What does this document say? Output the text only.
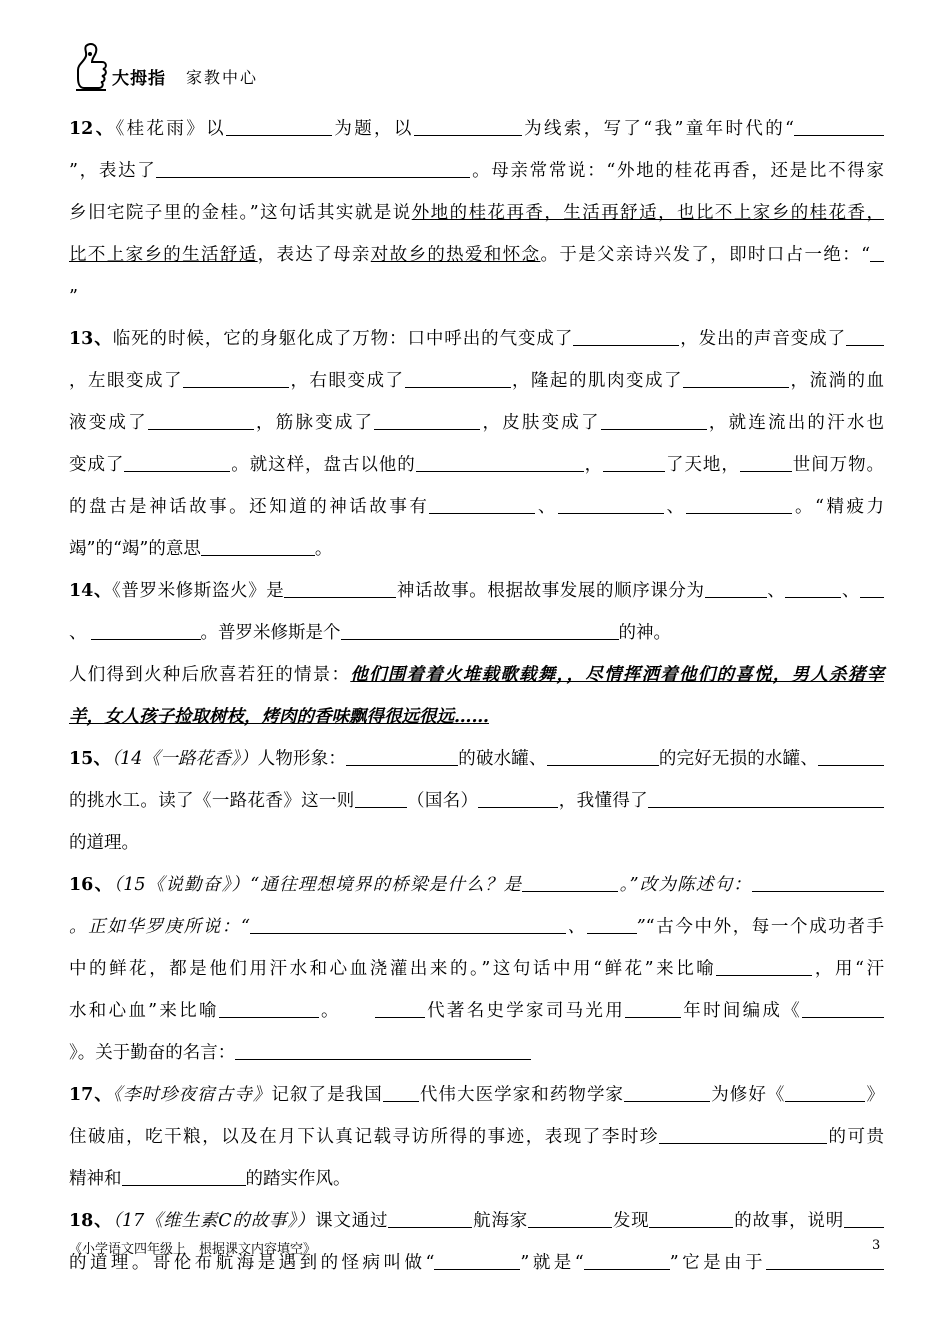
大拇指 家教中心
12、《桂花雨》以	为题，以	为线索，写了“我”童年时代的“
”，表达了	。母亲常常说：“外地的桂花再香，还是比不得家
乡旧宅院子里的金桂。”这句话其实就是说外地的桂花再香，生活再舒适，也比不上家乡的桂花香，
比不上家乡的生活舒适，表达了母亲对故乡的热爱和怀念。于是父亲诗兴发了，即时口占一绝：“
”
13、临死的时候，它的身躯化成了万物：口中呼出的气变成了	，发出的声音变成了
，左眼变成了	，右眼变成了	，隆起的肌肉变成了	，流淌的血
液变成了	，筋脉变成了	，皮肤变成了	，就连流出的汗水也
变成了	。就这样，盘古以他的	，	了天地，	世间万物。
的盘古是神话故事。还知道的神话故事有	、	、	。“精疲力
竭”的“竭”的意思	。
14、《普罗米修斯盗火》是	神话故事。根据故事发展的顺序课分为	、	、
、	。普罗米修斯是个	的神。
人们得到火种后欣喜若狂的情景：他们围着着火堆载歌载舞，，尽情挥洒着他们的喜悦，男人杀猪宰
羊，女人孩子捡取树枝，烤肉的香味飘得很远很远……
15、（14《一路花香》）人物形象：	的破水罐、	的完好无损的水罐、
的挑水工。读了《一路花香》这一则	（国名）	，我懂得了
的道理。
16、（15《说勤奋》）“通往理想境界的桥梁是什么？是	。”改为陈述句：
。正如华罗庚所说：“	、	”“古今中外，每一个成功者手
中的鲜花，都是他们用汗水和心血浇灌出来的。”这句话中用“鲜花”来比喻	，用“汗
水和心血”来比喻	。	代著名史学家司马光用	年时间编成《
》。关于勤奋的名言：
17、《李时珍夜宿古寺》记叙了是我国 代伟大医学家和药物学家	为修好《	》
住破庙，吃干粮，以及在月下认真记载寻访所得的事迹，表现了李时珍	的可贵
精神和	的踏实作风。
18、（17《维生素C的故事》）课文通过	航海家	发现	的故事，说明
的道理。哥伦布航海是遇到的怪病叫做“	”就是“	”它是由于
《小学语文四年级上　根据课文内容填空》	3
